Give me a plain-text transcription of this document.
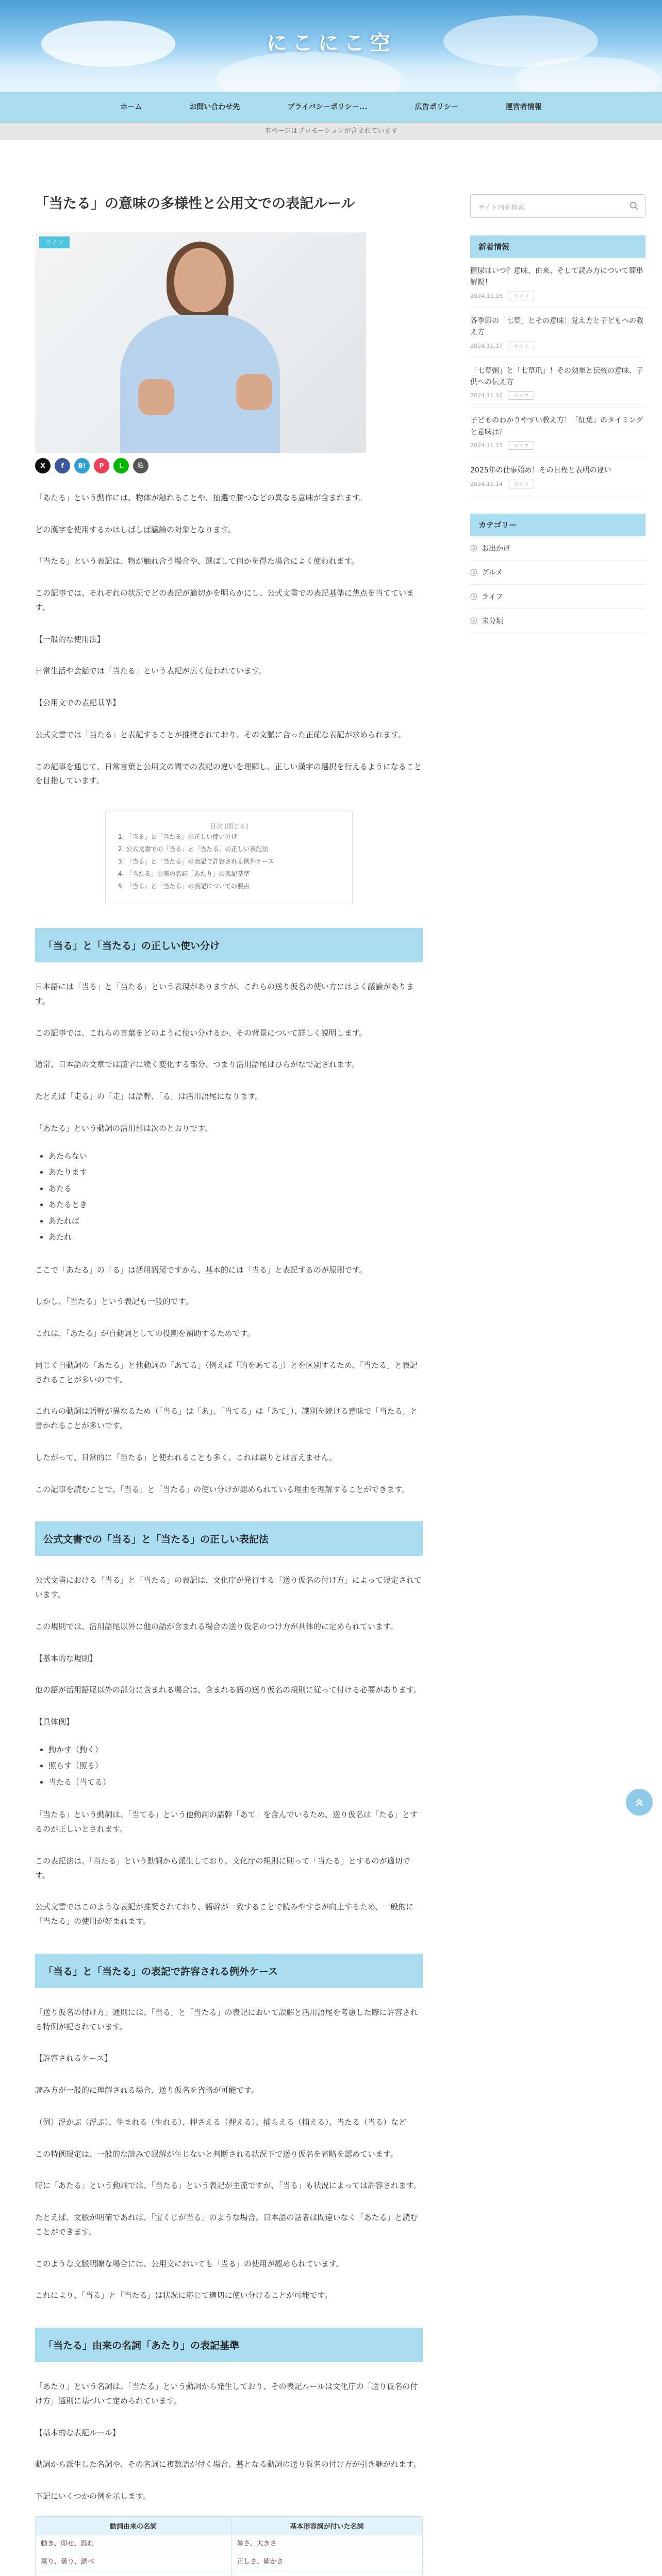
にこにこ空
ホーム	お問い合わせ先	プライバシーポリシー...	広告ポリシー	運営者情報
本ページはプロモーションが含まれています
「当たる」の意味の多様性と公用文での表記ルール
ライフ
X	f	B!	P	L	⎘

「あたる」という動作には、物体が触れることや、抽選で勝つなどの異なる意味が含まれます。

どの漢字を使用するかはしばしば議論の対象となります。

「当たる」という表記は、物が触れ合う場合や、選ばして何かを得た場合によく使われます。

この記事では、それぞれの状況でどの表記が適切かを明らかにし、公式文書での表記基準に焦点を当てています。

【一般的な使用法】

日常生活や会話では「当たる」という表記が広く使われています。

【公用文での表記基準】

公式文書では「当たる」と表記することが推奨されており、その文脈に合った正確な表記が求められます。

この記事を通じて、日常言葉と公用文の間での表記の違いを理解し、正しい漢字の選択を行えるようになることを目指しています。

目次 [閉じる]
1. 「当る」と「当たる」の正しい使い分け
2. 公式文書での「当る」と「当たる」の正しい表記法
3. 「当る」と「当たる」の表記で許容される例外ケース
4. 「当たる」由来の名詞「あたり」の表記基準
5. 「当る」と「当たる」の表記についての要点
「当る」と「当たる」の正しい使い分け

日本語には「当る」と「当たる」という表現がありますが、これらの送り仮名の使い方にはよく議論があります。

この記事では、これらの言葉をどのように使い分けるか、その背景について詳しく説明します。

通常、日本語の文章では漢字に続く変化する部分、つまり活用語尾はひらがなで記されます。

たとえば「走る」の「走」は語幹、「る」は活用語尾になります。

「あたる」という動詞の活用形は次のとおりです。

• あたらない
• あたります
• あたる
• あたるとき
• あたれば
• あたれ

ここで「あたる」の「る」は活用語尾ですから、基本的には「当る」と表記するのが原則です。

しかし、「当たる」という表記も一般的です。

これは、「あたる」が自動詞としての役割を補助するためです。

同じく自動詞の「あたる」と他動詞の「あてる」（例えば「的をあてる」）とを区別するため、「当たる」と表記されることが多いのです。

これらの動詞は語幹が異なるため（「当る」は「あ」、「当てる」は「あて」）、識別を続ける意味で「当たる」と書かれることが多いです。

したがって、日常的に「当たる」と使われることも多く、これは誤りとは言えません。

この記事を読むことで、「当る」と「当たる」の使い分けが認められている理由を理解することができます。

公式文書での「当る」と「当たる」の正しい表記法

公式文書における「当る」と「当たる」の表記は、文化庁が発行する「送り仮名の付け方」によって規定されています。

この規則では、活用語尾以外に他の語が含まれる場合の送り仮名のつけ方が具体的に定められています。

【基本的な規則】

他の語が活用語尾以外の部分に含まれる場合は、含まれる語の送り仮名の規則に従って付ける必要があります。

【具体例】

• 動かす（動く）
• 照らす（照る）
• 当たる（当てる）

「当たる」という動詞は、「当てる」という他動詞の語幹「あて」を含んでいるため、送り仮名は「たる」とするのが正しいとされます。

この表記法は、「当たる」という動詞から派生しており、文化庁の規則に則って「当たる」とするのが適切です。

公式文書ではこのような表記が推奨されており、語幹が一致することで読みやすさが向上するため、一般的に「当たる」の使用が好まれます。

「当る」と「当たる」の表記で許容される例外ケース

「送り仮名の付け方」通則には、「当る」と「当たる」の表記において誤解と活用語尾を考慮した際に許容される特例が記されています。

【許容されるケース】

読み方が一般的に理解される場合、送り仮名を省略が可能です。

（例）浮かぶ（浮ぶ）、生まれる（生れる）、押さえる（押える）、捕らえる（捕える）、当たる（当る）など

この特例規定は、一般的な読みで誤解が生じないと判断される状況下で送り仮名を省略を認めています。

特に「あたる」という動詞では、「当たる」という表記が主流ですが、「当る」も状況によっては許容されます。

たとえば、文脈が明確であれば、「宝くじが当る」のような場合、日本語の話者は間違いなく「あたる」と読むことができます。

このような文脈明瞭な場合には、公用文においても「当る」の使用が認められています。

これにより、「当る」と「当たる」は状況に応じて適切に使い分けることが可能です。

「当たる」由来の名詞「あたり」の表記基準

「あたり」という名詞は、「当たる」という動詞から発生しており、その表記ルールは文化庁の「送り仮名の付け方」通則に基づいて定められています。

【基本的な表記ルール】

動詞から派生した名詞や、その名詞に複数語が付く場合、基となる動詞の送り仮名の付け方が引き継がれます。

下記にいくつかの例を示します。

動詞由来の名詞	基本形容詞が付いた名詞
動き、仰せ、恐れ	暑さ、大きさ
薫り、曇り、調べ	正しさ、確かさ

サイト内を検索
新着情報
糖尿はいつ？意味、由来、そして読み方について簡単解説！
2024.11.18	ライフ
各季節の「七草」とその意味！覚え方と子どもへの教え方
2024.11.17	ライフ
「七草粥」と「七草爪」！その効果と伝統の意味、子供への伝え方
2024.11.16	ライフ
子どものわかりやすい教え方！「紅葉」のタイミングと意味は？
2024.11.15	ライフ
2025年の仕事始め！その日程と表明の違い
2024.11.14	ライフ
カテゴリー
お出かけ
グルメ
ライフ
未分類
